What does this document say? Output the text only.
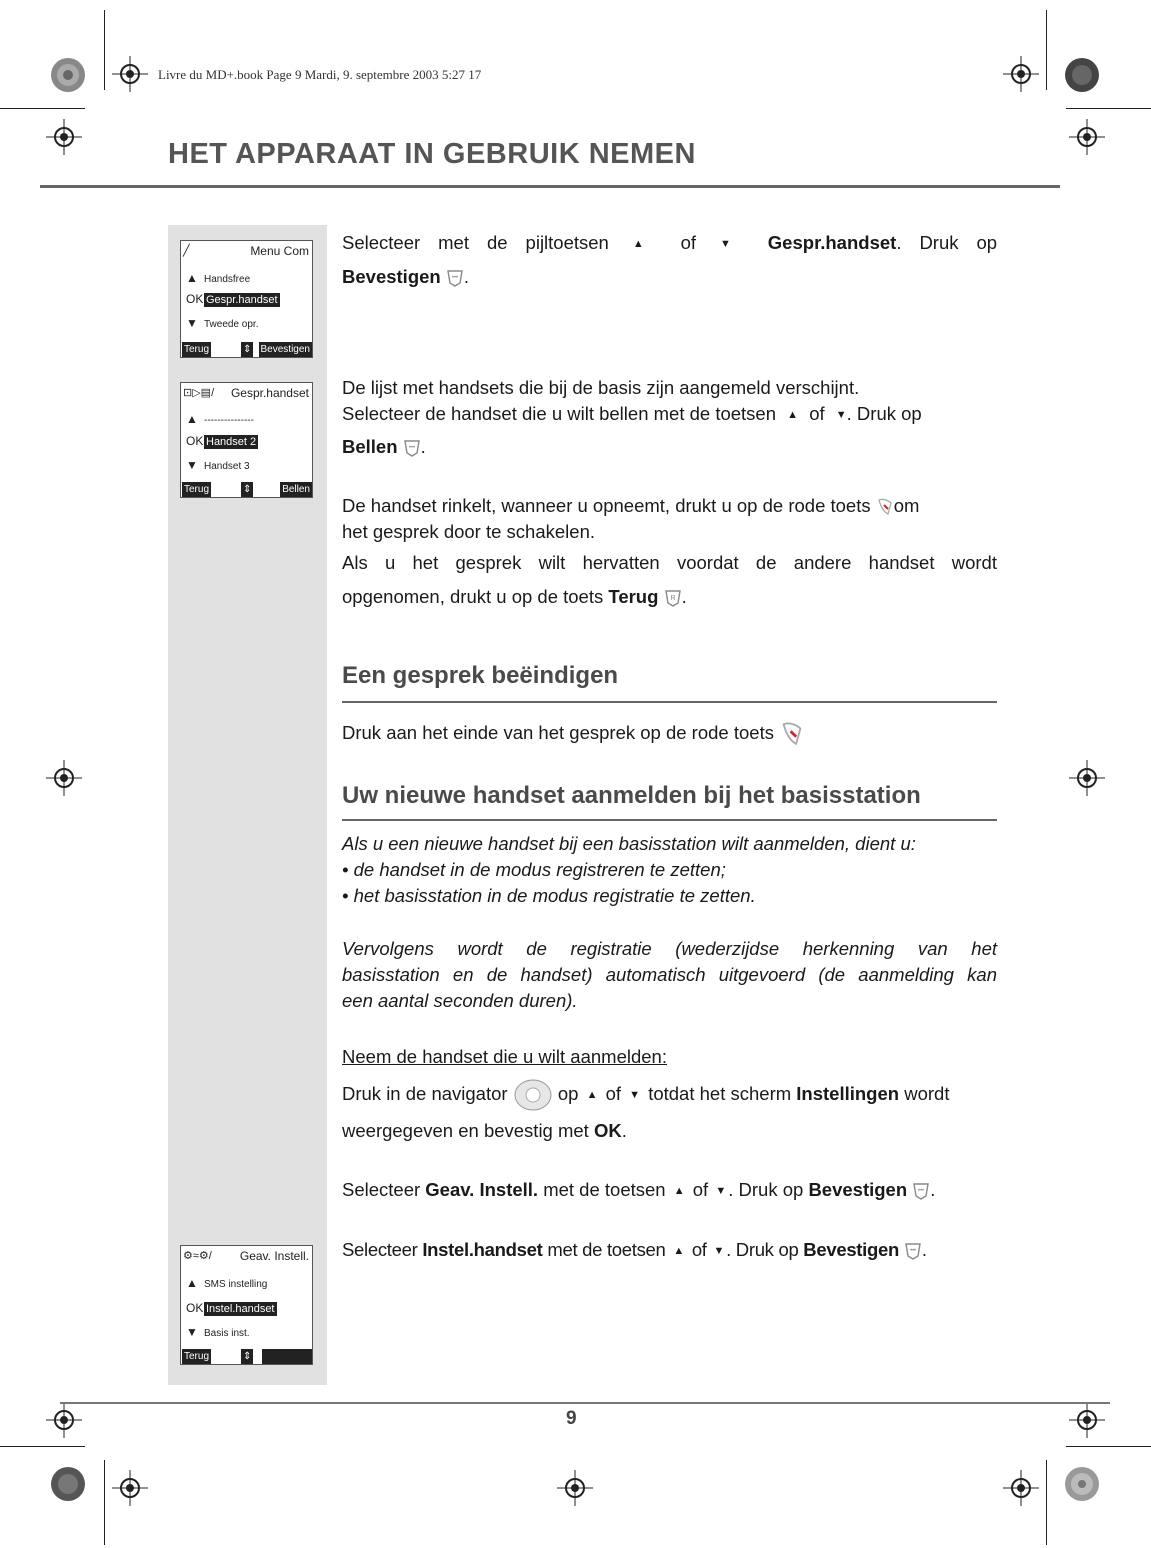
Livre du MD+.book Page 9 Mardi, 9. septembre 2003 5:27 17
HET APPARAAT IN GEBRUIK NEMEN
╱	Menu Com
▲ Handsfree
OK Gespr.handset
▼ Tweede opr.
Terug	⇕ Bevestigen
⊡▷▤/ Gespr.handset
▲ ---------------
OK Handset 2
▼ Handset 3
Terug	⇕	Bellen
⚙≈⚙/ Geav. Instell.
▲ SMS instelling
OK Instel.handset
▼ Basis inst.
Terug	⇕

Selecteer met de pijltoetsen ▲ of ▼ Gespr.handset. Druk op
Bevestigen ••• .
De lijst met handsets die bij de basis zijn aangemeld verschijnt.
Selecteer de handset die u wilt bellen met de toetsen ▲ of ▼. Druk op
Bellen ••• .
De handset rinkelt, wanneer u opneemt, drukt u op de rode toets om
het gesprek door te schakelen.
Als u het gesprek wilt hervatten voordat de andere handset wordt
opgenomen, drukt u op de toets Terug R .
Een gesprek beëindigen
Druk aan het einde van het gesprek op de rode toets
Uw nieuwe handset aanmelden bij het basisstation
Als u een nieuwe handset bij een basisstation wilt aanmelden, dient u:
• de handset in de modus registreren te zetten;
• het basisstation in de modus registratie te zetten.
Vervolgens wordt de registratie (wederzijdse herkenning van het
basisstation en de handset) automatisch uitgevoerd (de aanmelding kan
een aantal seconden duren).
Neem de handset die u wilt aanmelden:
Druk in de navigator	op ▲ of ▼ totdat het scherm Instellingen wordt
weergegeven en bevestig met OK.
Selecteer Geav. Instell. met de toetsen ▲ of ▼ . Druk op Bevestigen ••• .
Selecteer Instel.handset met de toetsen ▲ of ▼ . Druk op Bevestigen ••• .
9
